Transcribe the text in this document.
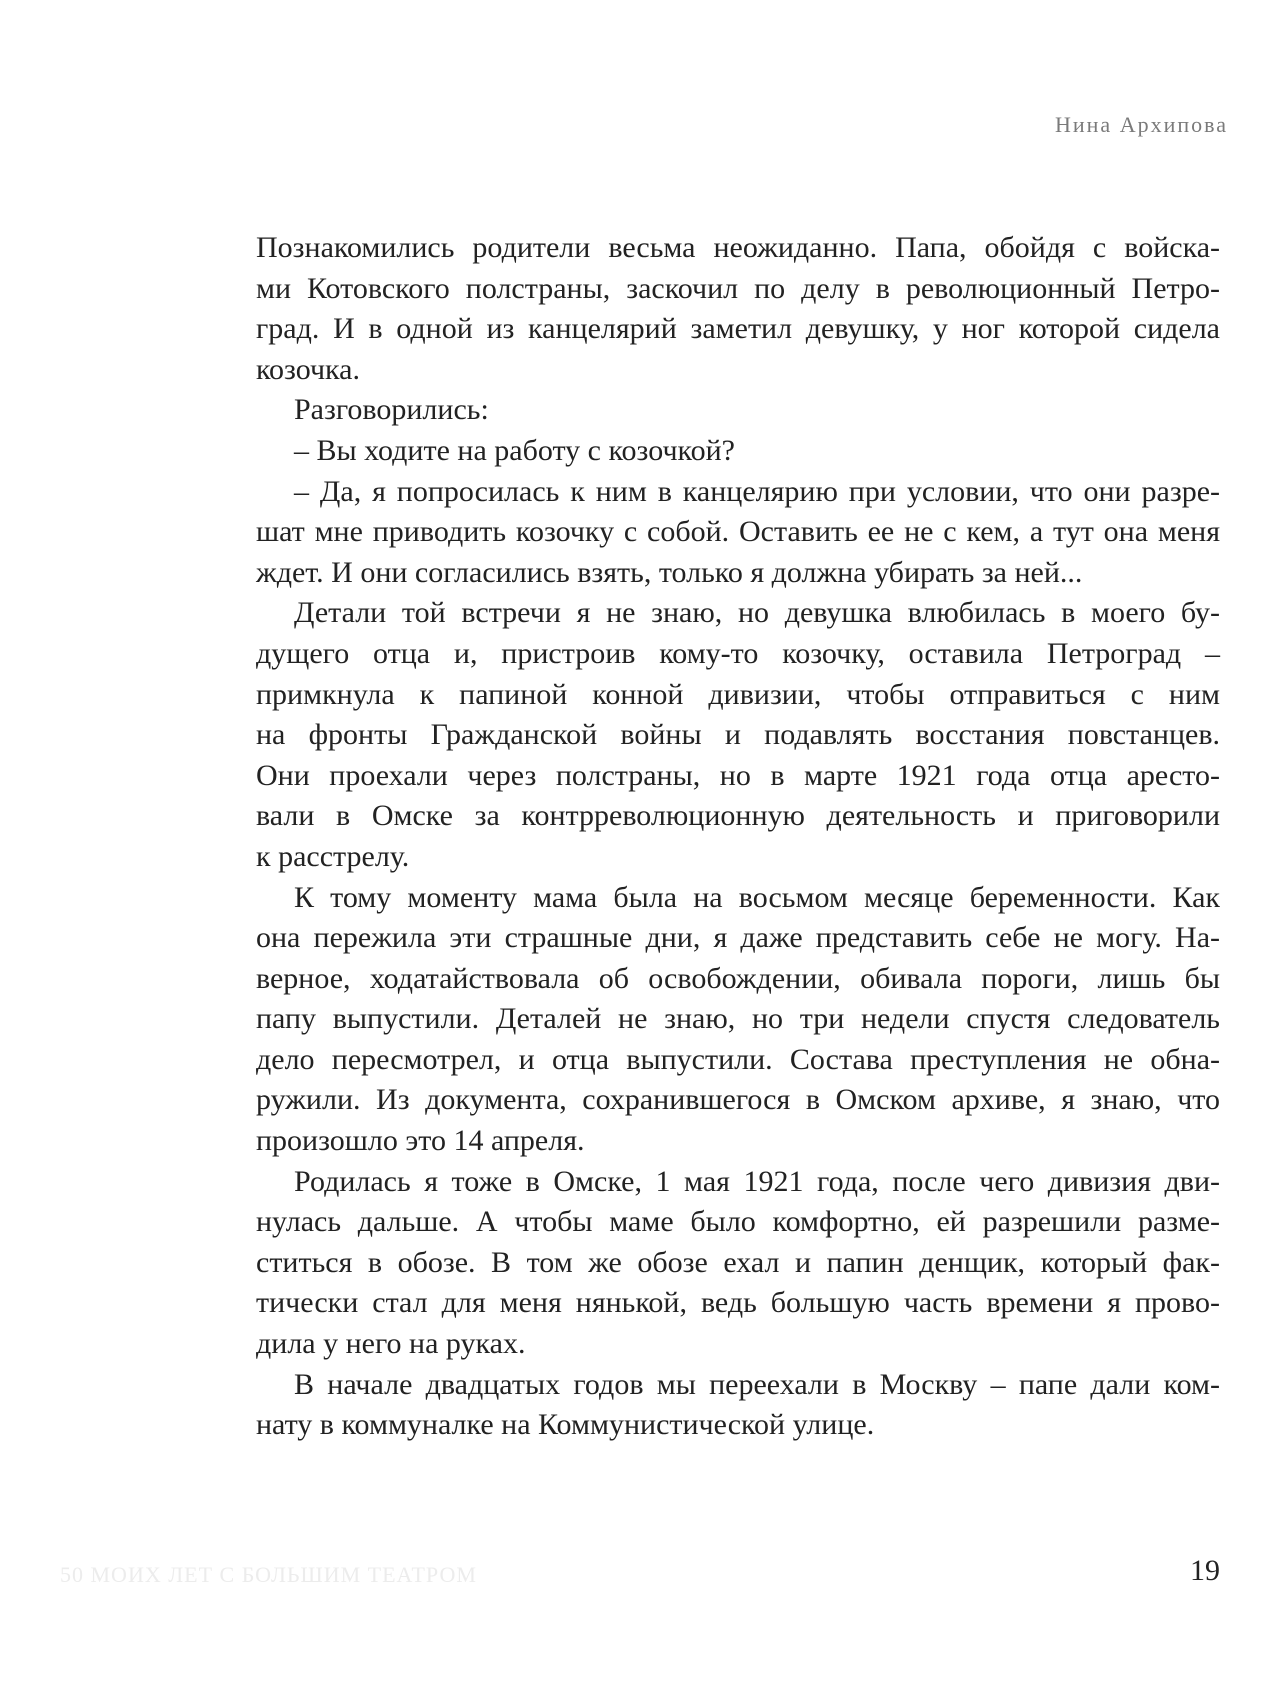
Нина Архипова
Познакомились родители весьма неожиданно. Папа, обойдя с войска-
ми Котовского полстраны, заскочил по делу в революционный Петро-
град. И в одной из канцелярий заметил девушку, у ног которой сидела
козочка.
Разговорились:
– Вы ходите на работу с козочкой?
– Да, я попросилась к ним в канцелярию при условии, что они разре-
шат мне приводить козочку с собой. Оставить ее не с кем, а тут она меня
ждет. И они согласились взять, только я должна убирать за ней...
Детали той встречи я не знаю, но девушка влюбилась в моего бу-
дущего отца и, пристроив кому-то козочку, оставила Петроград –
примкнула к папиной конной дивизии, чтобы отправиться с ним
на фронты Гражданской войны и подавлять восстания повстанцев.
Они проехали через полстраны, но в марте 1921 года отца аресто-
вали в Омске за контрреволюционную деятельность и приговорили
к расстрелу.
К тому моменту мама была на восьмом месяце беременности. Как
она пережила эти страшные дни, я даже представить себе не могу. На-
верное, ходатайствовала об освобождении, обивала пороги, лишь бы
папу выпустили. Деталей не знаю, но три недели спустя следователь
дело пересмотрел, и отца выпустили. Состава преступления не обна-
ружили. Из документа, сохранившегося в Омском архиве, я знаю, что
произошло это 14 апреля.
Родилась я тоже в Омске, 1 мая 1921 года, после чего дивизия дви-
нулась дальше. А чтобы маме было комфортно, ей разрешили разме-
ститься в обозе. В том же обозе ехал и папин денщик, который фак-
тически стал для меня нянькой, ведь большую часть времени я прово-
дила у него на руках.
В начале двадцатых годов мы переехали в Москву – папе дали ком-
нату в коммуналке на Коммунистической улице.
50 МОИХ ЛЕТ С БОЛЬШИМ ТЕАТРОМ	19
